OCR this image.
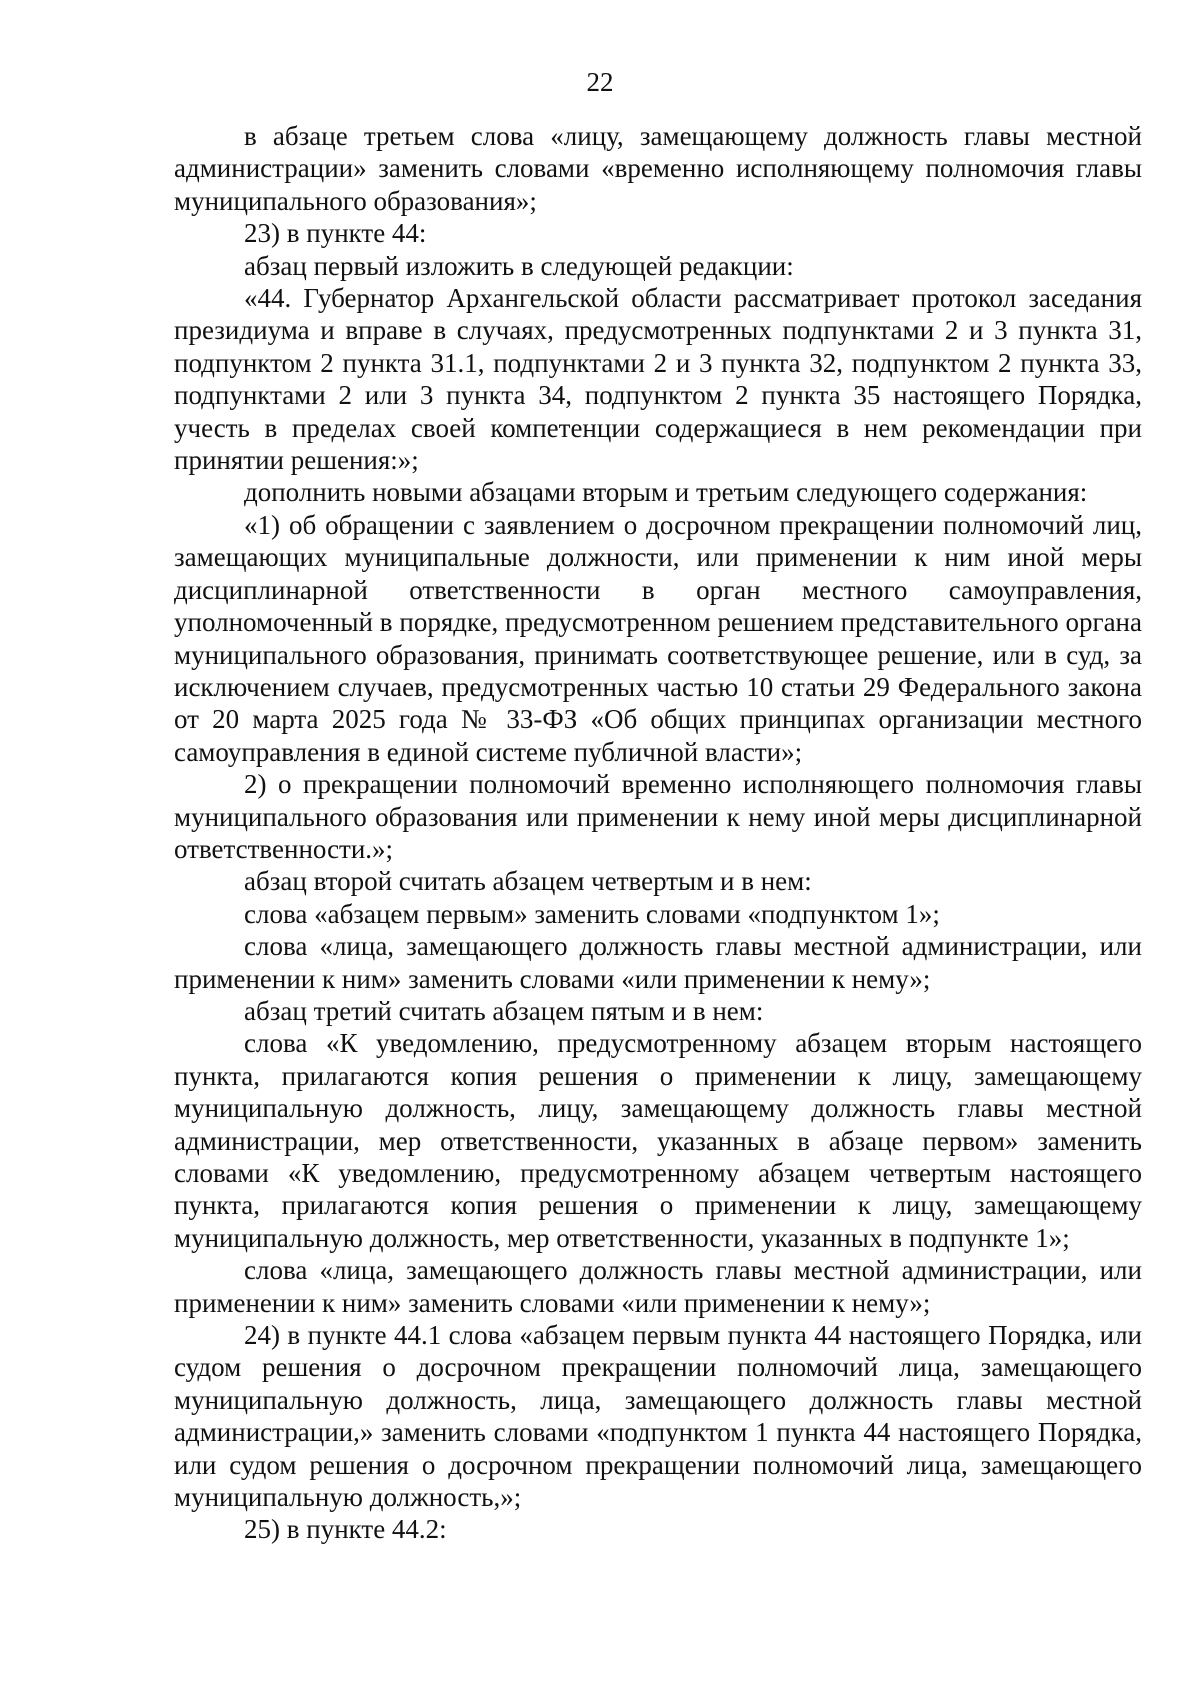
22

в абзаце третьем слова «лицу, замещающему должность главы местной администрации» заменить словами «временно исполняющему полномочия главы муниципального образования»;

23) в пункте 44:

абзац первый изложить в следующей редакции:

«44. Губернатор Архангельской области рассматривает протокол заседания президиума и вправе в случаях, предусмотренных подпунктами 2 и 3 пункта 31, подпунктом 2 пункта 31.1, подпунктами 2 и 3 пункта 32, подпунктом 2 пункта 33, подпунктами 2 или 3 пункта 34, подпунктом 2 пункта 35 настоящего Порядка, учесть в пределах своей компетенции содержащиеся в нем рекомендации при принятии решения:»;

дополнить новыми абзацами вторым и третьим следующего содержания:

«1) об обращении с заявлением о досрочном прекращении полномочий лиц, замещающих муниципальные должности, или применении к ним иной меры дисциплинарной ответственности в орган местного самоуправления, уполномоченный в порядке, предусмотренном решением представительного органа муниципального образования, принимать соответствующее решение, или в суд, за исключением случаев, предусмотренных частью 10 статьи 29 Федерального закона от 20 марта 2025 года № 33-ФЗ «Об общих принципах организации местного самоуправления в единой системе публичной власти»;

2) о прекращении полномочий временно исполняющего полномочия главы муниципального образования или применении к нему иной меры дисциплинарной ответственности.»;

абзац второй считать абзацем четвертым и в нем:

слова «абзацем первым» заменить словами «подпунктом 1»;

слова «лица, замещающего должность главы местной администрации, или применении к ним» заменить словами «или применении к нему»;

абзац третий считать абзацем пятым и в нем:

слова «К уведомлению, предусмотренному абзацем вторым настоящего пункта, прилагаются копия решения о применении к лицу, замещающему муниципальную должность, лицу, замещающему должность главы местной администрации, мер ответственности, указанных в абзаце первом» заменить словами «К уведомлению, предусмотренному абзацем четвертым настоящего пункта, прилагаются копия решения о применении к лицу, замещающему муниципальную должность, мер ответственности, указанных в подпункте 1»;

слова «лица, замещающего должность главы местной администрации, или применении к ним» заменить словами «или применении к нему»;

24) в пункте 44.1 слова «абзацем первым пункта 44 настоящего Порядка, или судом решения о досрочном прекращении полномочий лица, замещающего муниципальную должность, лица, замещающего должность главы местной администрации,» заменить словами «подпунктом 1 пункта 44 настоящего Порядка, или судом решения о досрочном прекращении полномочий лица, замещающего муниципальную должность,»;

25) в пункте 44.2:
